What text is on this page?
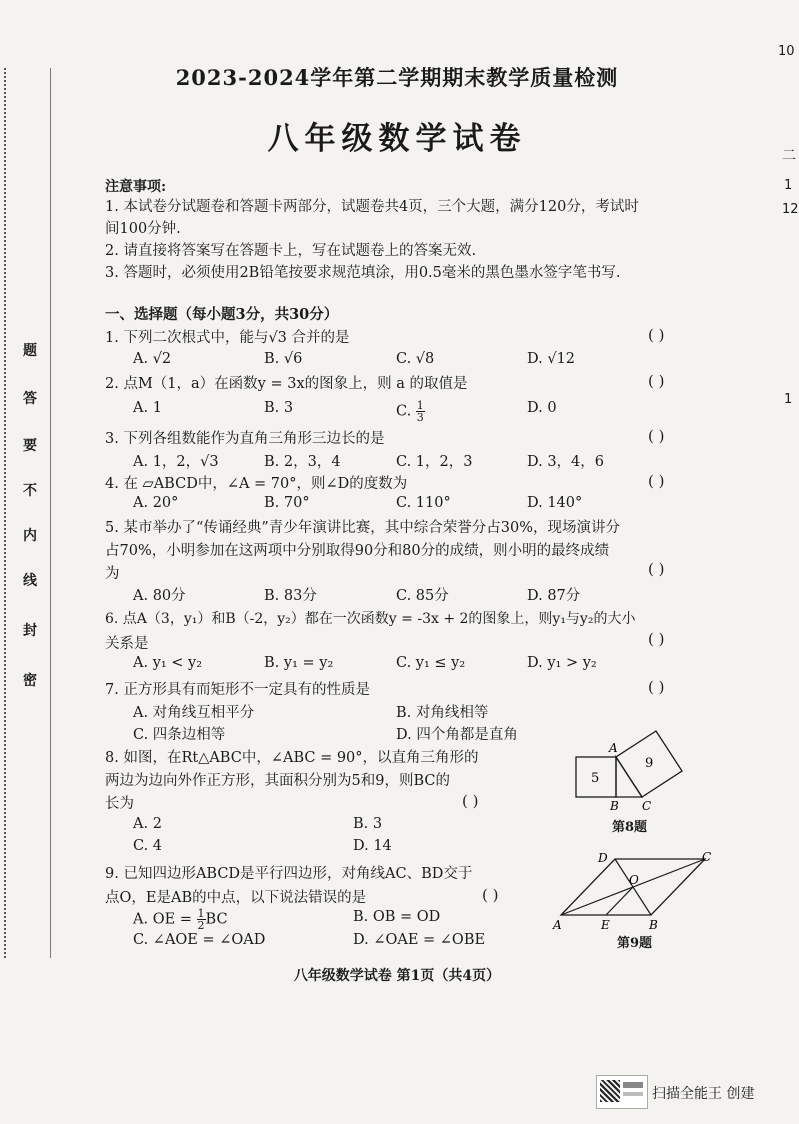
10
二
1
12
1
密
封
线
内
不
要
答
题
2023-2024学年第二学期期末教学质量检测
八年级数学试卷
注意事项:
1. 本试卷分试题卷和答题卡两部分，试题卷共4页，三个大题，满分120分，考试时
间100分钟.
2. 请直接将答案写在答题卡上，写在试题卷上的答案无效.
3. 答题时，必须使用2B铅笔按要求规范填涂，用0.5毫米的黑色墨水签字笔书写.
一、选择题（每小题3分，共30分）
1. 下列二次根式中，能与√3 合并的是	( )
A. √2	B. √6	C. √8	D. √12
2. 点M（1，a）在函数y = 3x的图象上，则 a 的取值是	( )
A. 1	B. 3	C. $\frac{1}{3}$	D. 0
3. 下列各组数能作为直角三角形三边长的是	( )
A. 1，2，√3	B. 2，3，4	C. 1，2，3	D. 3，4，6
4. 在 ▱ABCD中，∠A = 70°，则∠D的度数为	( )
A. 20°	B. 70°	C. 110°	D. 140°
5. 某市举办了“传诵经典”青少年演讲比赛，其中综合荣誉分占30%，现场演讲分
占70%，小明参加在这两项中分别取得90分和80分的成绩，则小明的最终成绩
为	( )
A. 80分	B. 83分	C. 85分	D. 87分
6. 点A（3，y₁）和B（-2，y₂）都在一次函数y = -3x + 2的图象上，则y₁与y₂的大小
关系是	( )
A. y₁ < y₂	B. y₁ = y₂	C. y₁ ≤ y₂	D. y₁ > y₂
7. 正方形具有而矩形不一定具有的性质是	( )
A. 对角线互相平分	B. 对角线相等
C. 四条边相等	D. 四个角都是直角
8. 如图，在Rt△ABC中，∠ABC = 90°，以直角三角形的
两边为边向外作正方形，其面积分别为5和9，则BC的
长为	( )
A. 2	B. 3
C. 4	D. 14
5
9
A
B C
第8题
9. 已知四边形ABCD是平行四边形，对角线AC、BD交于
点O，E是AB的中点，以下说法错误的是	( )
A. OE = $\frac{1}{2}$ BC	B. OB = OD
C. ∠AOE = ∠OAD	D. ∠OAE = ∠OBE
A	B
C
D
E
O
第9题
八年级数学试卷 第1页（共4页）
扫描全能王 创建
